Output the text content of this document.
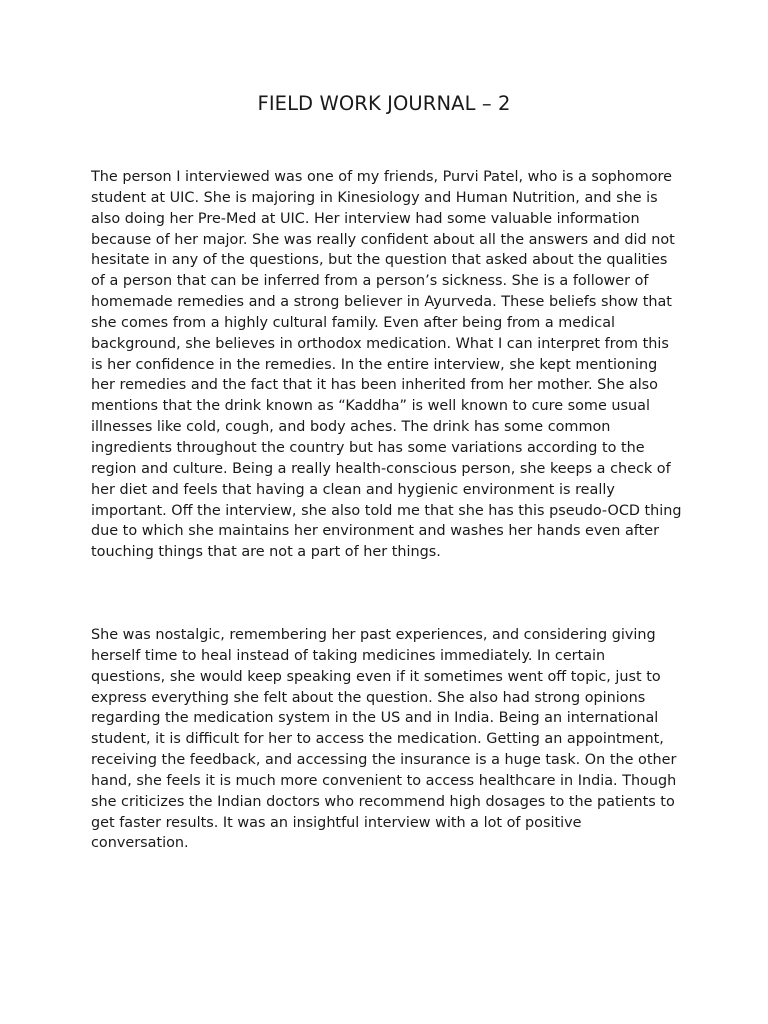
FIELD WORK JOURNAL – 2

The person I interviewed was one of my friends, Purvi Patel, who is a sophomore student at UIC. She is majoring in Kinesiology and Human Nutrition, and she is also doing her Pre-Med at UIC. Her interview had some valuable information because of her major. She was really confident about all the answers and did not hesitate in any of the questions, but the question that asked about the qualities of a person that can be inferred from a person’s sickness. She is a follower of homemade remedies and a strong believer in Ayurveda. These beliefs show that she comes from a highly cultural family. Even after being from a medical background, she believes in orthodox medication. What I can interpret from this is her confidence in the remedies. In the entire interview, she kept mentioning her remedies and the fact that it has been inherited from her mother. She also mentions that the drink known as “Kaddha” is well known to cure some usual illnesses like cold, cough, and body aches. The drink has some common ingredients throughout the country but has some variations according to the region and culture. Being a really health-conscious person, she keeps a check of her diet and feels that having a clean and hygienic environment is really important. Off the interview, she also told me that she has this pseudo-OCD thing due to which she maintains her environment and washes her hands even after touching things that are not a part of her things.

She was nostalgic, remembering her past experiences, and considering giving herself time to heal instead of taking medicines immediately. In certain questions, she would keep speaking even if it sometimes went off topic, just to express everything she felt about the question. She also had strong opinions regarding the medication system in the US and in India. Being an international student, it is difficult for her to access the medication. Getting an appointment, receiving the feedback, and accessing the insurance is a huge task. On the other hand, she feels it is much more convenient to access healthcare in India. Though she criticizes the Indian doctors who recommend high dosages to the patients to get faster results. It was an insightful interview with a lot of positive conversation.
